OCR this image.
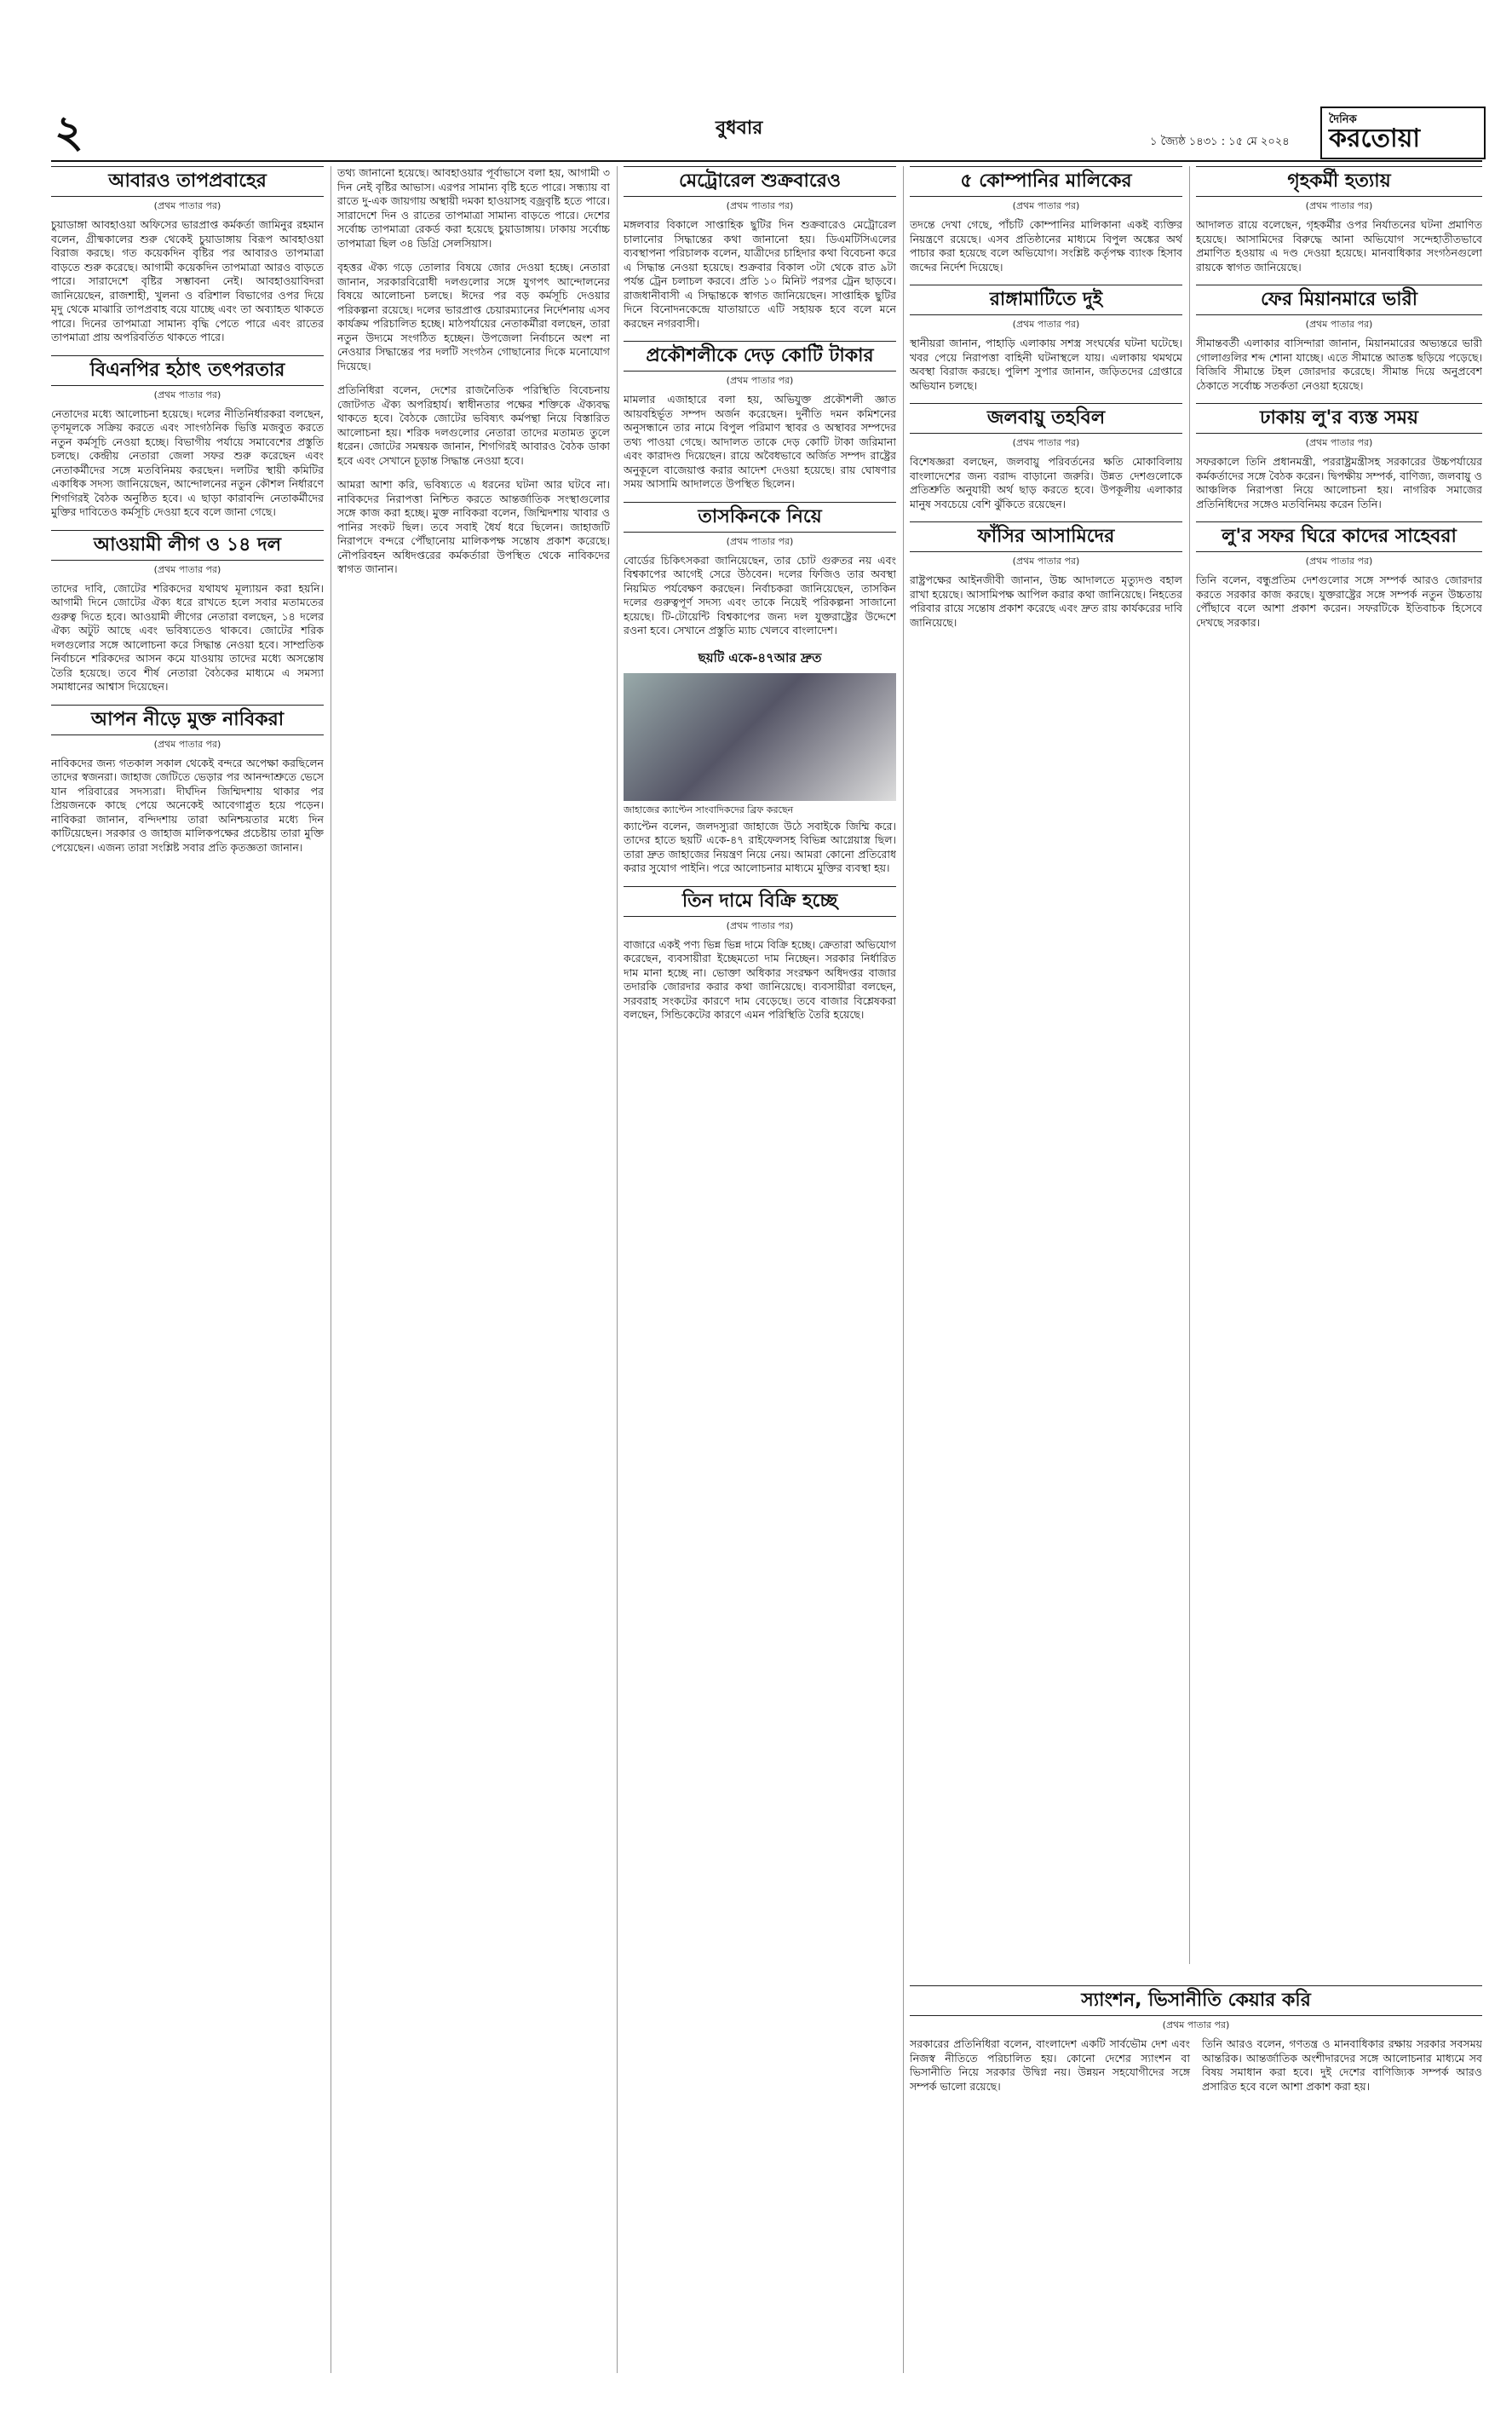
২	বুধবার
১ জ্যৈষ্ঠ ১৪৩১ : ১৫ মে ২০২৪
দৈনিক
করতোয়া
আবারও তাপপ্রবাহের
(প্রথম পাতার পর)

চুয়াডাঙ্গা আবহাওয়া অফিসের ভারপ্রাপ্ত কর্মকর্তা জামিনুর রহমান বলেন, গ্রীষ্মকালের শুরু থেকেই চুয়াডাঙ্গায় বিরূপ আবহাওয়া বিরাজ করছে। গত কয়েকদিন বৃষ্টির পর আবারও তাপমাত্রা বাড়তে শুরু করেছে। আগামী কয়েকদিন তাপমাত্রা আরও বাড়তে পারে। সারাদেশে বৃষ্টির সম্ভাবনা নেই। আবহাওয়াবিদরা জানিয়েছেন, রাজশাহী, খুলনা ও বরিশাল বিভাগের ওপর দিয়ে মৃদু থেকে মাঝারি তাপপ্রবাহ বয়ে যাচ্ছে এবং তা অব্যাহত থাকতে পারে। দিনের তাপমাত্রা সামান্য বৃদ্ধি পেতে পারে এবং রাতের তাপমাত্রা প্রায় অপরিবর্তিত থাকতে পারে।

বিএনপির হঠাৎ তৎপরতার
(প্রথম পাতার পর)

নেতাদের মধ্যে আলোচনা হয়েছে। দলের নীতিনির্ধারকরা বলছেন, তৃণমূলকে সক্রিয় করতে এবং সাংগঠনিক ভিত্তি মজবুত করতে নতুন কর্মসূচি নেওয়া হচ্ছে। বিভাগীয় পর্যায়ে সমাবেশের প্রস্তুতি চলছে। কেন্দ্রীয় নেতারা জেলা সফর শুরু করেছেন এবং নেতাকর্মীদের সঙ্গে মতবিনিময় করছেন। দলটির স্থায়ী কমিটির একাধিক সদস্য জানিয়েছেন, আন্দোলনের নতুন কৌশল নির্ধারণে শিগগিরই বৈঠক অনুষ্ঠিত হবে। এ ছাড়া কারাবন্দি নেতাকর্মীদের মুক্তির দাবিতেও কর্মসূচি দেওয়া হবে বলে জানা গেছে।

আওয়ামী লীগ ও ১৪ দল
(প্রথম পাতার পর)

তাদের দাবি, জোটের শরিকদের যথাযথ মূল্যায়ন করা হয়নি। আগামী দিনে জোটের ঐক্য ধরে রাখতে হলে সবার মতামতের গুরুত্ব দিতে হবে। আওয়ামী লীগের নেতারা বলছেন, ১৪ দলের ঐক্য অটুট আছে এবং ভবিষ্যতেও থাকবে। জোটের শরিক দলগুলোর সঙ্গে আলোচনা করে সিদ্ধান্ত নেওয়া হবে। সাম্প্রতিক নির্বাচনে শরিকদের আসন কমে যাওয়ায় তাদের মধ্যে অসন্তোষ তৈরি হয়েছে। তবে শীর্ষ নেতারা বৈঠকের মাধ্যমে এ সমস্যা সমাধানের আশ্বাস দিয়েছেন।

আপন নীড়ে মুক্ত নাবিকরা
(প্রথম পাতার পর)

নাবিকদের জন্য গতকাল সকাল থেকেই বন্দরে অপেক্ষা করছিলেন তাদের স্বজনরা। জাহাজ জেটিতে ভেড়ার পর আনন্দাশ্রুতে ভেসে যান পরিবারের সদস্যরা। দীর্ঘদিন জিম্মিদশায় থাকার পর প্রিয়জনকে কাছে পেয়ে অনেকেই আবেগাপ্লুত হয়ে পড়েন। নাবিকরা জানান, বন্দিদশায় তারা অনিশ্চয়তার মধ্যে দিন কাটিয়েছেন। সরকার ও জাহাজ মালিকপক্ষের প্রচেষ্টায় তারা মুক্তি পেয়েছেন। এজন্য তারা সংশ্লিষ্ট সবার প্রতি কৃতজ্ঞতা জানান।

তথ্য জানানো হয়েছে। আবহাওয়ার পূর্বাভাসে বলা হয়, আগামী ৩ দিন নেই বৃষ্টির আভাস। এরপর সামান্য বৃষ্টি হতে পারে। সন্ধ্যায় বা রাতে দু-এক জায়গায় অস্থায়ী দমকা হাওয়াসহ বজ্রবৃষ্টি হতে পারে। সারাদেশে দিন ও রাতের তাপমাত্রা সামান্য বাড়তে পারে। দেশের সর্বোচ্চ তাপমাত্রা রেকর্ড করা হয়েছে চুয়াডাঙ্গায়। ঢাকায় সর্বোচ্চ তাপমাত্রা ছিল ৩৪ ডিগ্রি সেলসিয়াস।

বৃহত্তর ঐক্য গড়ে তোলার বিষয়ে জোর দেওয়া হচ্ছে। নেতারা জানান, সরকারবিরোধী দলগুলোর সঙ্গে যুগপৎ আন্দোলনের বিষয়ে আলোচনা চলছে। ঈদের পর বড় কর্মসূচি দেওয়ার পরিকল্পনা রয়েছে। দলের ভারপ্রাপ্ত চেয়ারম্যানের নির্দেশনায় এসব কার্যক্রম পরিচালিত হচ্ছে। মাঠপর্যায়ের নেতাকর্মীরা বলছেন, তারা নতুন উদ্যমে সংগঠিত হচ্ছেন। উপজেলা নির্বাচনে অংশ না নেওয়ার সিদ্ধান্তের পর দলটি সংগঠন গোছানোর দিকে মনোযোগ দিয়েছে।

প্রতিনিধিরা বলেন, দেশের রাজনৈতিক পরিস্থিতি বিবেচনায় জোটগত ঐক্য অপরিহার্য। স্বাধীনতার পক্ষের শক্তিকে ঐক্যবদ্ধ থাকতে হবে। বৈঠকে জোটের ভবিষ্যৎ কর্মপন্থা নিয়ে বিস্তারিত আলোচনা হয়। শরিক দলগুলোর নেতারা তাদের মতামত তুলে ধরেন। জোটের সমন্বয়ক জানান, শিগগিরই আবারও বৈঠক ডাকা হবে এবং সেখানে চূড়ান্ত সিদ্ধান্ত নেওয়া হবে।

আমরা আশা করি, ভবিষ্যতে এ ধরনের ঘটনা আর ঘটবে না। নাবিকদের নিরাপত্তা নিশ্চিত করতে আন্তর্জাতিক সংস্থাগুলোর সঙ্গে কাজ করা হচ্ছে। মুক্ত নাবিকরা বলেন, জিম্মিদশায় খাবার ও পানির সংকট ছিল। তবে সবাই ধৈর্য ধরে ছিলেন। জাহাজটি নিরাপদে বন্দরে পৌঁছানোয় মালিকপক্ষ সন্তোষ প্রকাশ করেছে। নৌপরিবহন অধিদপ্তরের কর্মকর্তারা উপস্থিত থেকে নাবিকদের স্বাগত জানান।

মেট্রোরেল শুক্রবারেও
(প্রথম পাতার পর)

মঙ্গলবার বিকালে সাপ্তাহিক ছুটির দিন শুক্রবারেও মেট্রোরেল চালানোর সিদ্ধান্তের কথা জানানো হয়। ডিএমটিসিএলের ব্যবস্থাপনা পরিচালক বলেন, যাত্রীদের চাহিদার কথা বিবেচনা করে এ সিদ্ধান্ত নেওয়া হয়েছে। শুক্রবার বিকাল ৩টা থেকে রাত ৯টা পর্যন্ত ট্রেন চলাচল করবে। প্রতি ১০ মিনিট পরপর ট্রেন ছাড়বে। রাজধানীবাসী এ সিদ্ধান্তকে স্বাগত জানিয়েছেন। সাপ্তাহিক ছুটির দিনে বিনোদনকেন্দ্রে যাতায়াতে এটি সহায়ক হবে বলে মনে করছেন নগরবাসী।

প্রকৌশলীকে দেড় কোটি টাকার
(প্রথম পাতার পর)

মামলার এজাহারে বলা হয়, অভিযুক্ত প্রকৌশলী জ্ঞাত আয়বহির্ভূত সম্পদ অর্জন করেছেন। দুর্নীতি দমন কমিশনের অনুসন্ধানে তার নামে বিপুল পরিমাণ স্থাবর ও অস্থাবর সম্পদের তথ্য পাওয়া গেছে। আদালত তাকে দেড় কোটি টাকা জরিমানা এবং কারাদণ্ড দিয়েছেন। রায়ে অবৈধভাবে অর্জিত সম্পদ রাষ্ট্রের অনুকূলে বাজেয়াপ্ত করার আদেশ দেওয়া হয়েছে। রায় ঘোষণার সময় আসামি আদালতে উপস্থিত ছিলেন।

তাসকিনকে নিয়ে
(প্রথম পাতার পর)

বোর্ডের চিকিৎসকরা জানিয়েছেন, তার চোট গুরুতর নয় এবং বিশ্বকাপের আগেই সেরে উঠবেন। দলের ফিজিও তার অবস্থা নিয়মিত পর্যবেক্ষণ করছেন। নির্বাচকরা জানিয়েছেন, তাসকিন দলের গুরুত্বপূর্ণ সদস্য এবং তাকে নিয়েই পরিকল্পনা সাজানো হয়েছে। টি-টোয়েন্টি বিশ্বকাপের জন্য দল যুক্তরাষ্ট্রের উদ্দেশে রওনা হবে। সেখানে প্রস্তুতি ম্যাচ খেলবে বাংলাদেশ।

ছয়টি একে-৪৭আর দ্রুত

জাহাজের ক্যাপ্টেন সাংবাদিকদের ব্রিফ করছেন

ক্যাপ্টেন বলেন, জলদস্যুরা জাহাজে উঠে সবাইকে জিম্মি করে। তাদের হাতে ছয়টি একে-৪৭ রাইফেলসহ বিভিন্ন আগ্নেয়াস্ত্র ছিল। তারা দ্রুত জাহাজের নিয়ন্ত্রণ নিয়ে নেয়। আমরা কোনো প্রতিরোধ করার সুযোগ পাইনি। পরে আলোচনার মাধ্যমে মুক্তির ব্যবস্থা হয়।

তিন দামে বিক্রি হচ্ছে
(প্রথম পাতার পর)

বাজারে একই পণ্য ভিন্ন ভিন্ন দামে বিক্রি হচ্ছে। ক্রেতারা অভিযোগ করেছেন, ব্যবসায়ীরা ইচ্ছেমতো দাম নিচ্ছেন। সরকার নির্ধারিত দাম মানা হচ্ছে না। ভোক্তা অধিকার সংরক্ষণ অধিদপ্তর বাজার তদারকি জোরদার করার কথা জানিয়েছে। ব্যবসায়ীরা বলছেন, সরবরাহ সংকটের কারণে দাম বেড়েছে। তবে বাজার বিশ্লেষকরা বলছেন, সিন্ডিকেটের কারণে এমন পরিস্থিতি তৈরি হয়েছে।

৫ কোম্পানির মালিকের
(প্রথম পাতার পর)

তদন্তে দেখা গেছে, পাঁচটি কোম্পানির মালিকানা একই ব্যক্তির নিয়ন্ত্রণে রয়েছে। এসব প্রতিষ্ঠানের মাধ্যমে বিপুল অঙ্কের অর্থ পাচার করা হয়েছে বলে অভিযোগ। সংশ্লিষ্ট কর্তৃপক্ষ ব্যাংক হিসাব জব্দের নির্দেশ দিয়েছে।

রাঙ্গামাটিতে দুই
(প্রথম পাতার পর)

স্থানীয়রা জানান, পাহাড়ি এলাকায় সশস্ত্র সংঘর্ষের ঘটনা ঘটেছে। খবর পেয়ে নিরাপত্তা বাহিনী ঘটনাস্থলে যায়। এলাকায় থমথমে অবস্থা বিরাজ করছে। পুলিশ সুপার জানান, জড়িতদের গ্রেপ্তারে অভিযান চলছে।

জলবায়ু তহবিল
(প্রথম পাতার পর)

বিশেষজ্ঞরা বলছেন, জলবায়ু পরিবর্তনের ক্ষতি মোকাবিলায় বাংলাদেশের জন্য বরাদ্দ বাড়ানো জরুরি। উন্নত দেশগুলোকে প্রতিশ্রুতি অনুযায়ী অর্থ ছাড় করতে হবে। উপকূলীয় এলাকার মানুষ সবচেয়ে বেশি ঝুঁকিতে রয়েছেন।

ফাঁসির আসামিদের
(প্রথম পাতার পর)

রাষ্ট্রপক্ষের আইনজীবী জানান, উচ্চ আদালতে মৃত্যুদণ্ড বহাল রাখা হয়েছে। আসামিপক্ষ আপিল করার কথা জানিয়েছে। নিহতের পরিবার রায়ে সন্তোষ প্রকাশ করেছে এবং দ্রুত রায় কার্যকরের দাবি জানিয়েছে।

গৃহকর্মী হত্যায়
(প্রথম পাতার পর)

আদালত রায়ে বলেছেন, গৃহকর্মীর ওপর নির্যাতনের ঘটনা প্রমাণিত হয়েছে। আসামিদের বিরুদ্ধে আনা অভিযোগ সন্দেহাতীতভাবে প্রমাণিত হওয়ায় এ দণ্ড দেওয়া হয়েছে। মানবাধিকার সংগঠনগুলো রায়কে স্বাগত জানিয়েছে।

ফের মিয়ানমারে ভারী
(প্রথম পাতার পর)

সীমান্তবর্তী এলাকার বাসিন্দারা জানান, মিয়ানমারের অভ্যন্তরে ভারী গোলাগুলির শব্দ শোনা যাচ্ছে। এতে সীমান্তে আতঙ্ক ছড়িয়ে পড়েছে। বিজিবি সীমান্তে টহল জোরদার করেছে। সীমান্ত দিয়ে অনুপ্রবেশ ঠেকাতে সর্বোচ্চ সতর্কতা নেওয়া হয়েছে।

ঢাকায় লু'র ব্যস্ত সময়
(প্রথম পাতার পর)

সফরকালে তিনি প্রধানমন্ত্রী, পররাষ্ট্রমন্ত্রীসহ সরকারের উচ্চপর্যায়ের কর্মকর্তাদের সঙ্গে বৈঠক করেন। দ্বিপক্ষীয় সম্পর্ক, বাণিজ্য, জলবায়ু ও আঞ্চলিক নিরাপত্তা নিয়ে আলোচনা হয়। নাগরিক সমাজের প্রতিনিধিদের সঙ্গেও মতবিনিময় করেন তিনি।

লু'র সফর ঘিরে কাদের সাহেবরা
(প্রথম পাতার পর)

তিনি বলেন, বন্ধুপ্রতিম দেশগুলোর সঙ্গে সম্পর্ক আরও জোরদার করতে সরকার কাজ করছে। যুক্তরাষ্ট্রের সঙ্গে সম্পর্ক নতুন উচ্চতায় পৌঁছাবে বলে আশা প্রকাশ করেন। সফরটিকে ইতিবাচক হিসেবে দেখছে সরকার।

স্যাংশন, ভিসানীতি কেয়ার করি
(প্রথম পাতার পর)

সরকারের প্রতিনিধিরা বলেন, বাংলাদেশ একটি সার্বভৌম দেশ এবং নিজস্ব নীতিতে পরিচালিত হয়। কোনো দেশের স্যাংশন বা ভিসানীতি নিয়ে সরকার উদ্বিগ্ন নয়। উন্নয়ন সহযোগীদের সঙ্গে সম্পর্ক ভালো রয়েছে।

তিনি আরও বলেন, গণতন্ত্র ও মানবাধিকার রক্ষায় সরকার সবসময় আন্তরিক। আন্তর্জাতিক অংশীদারদের সঙ্গে আলোচনার মাধ্যমে সব বিষয় সমাধান করা হবে। দুই দেশের বাণিজ্যিক সম্পর্ক আরও প্রসারিত হবে বলে আশা প্রকাশ করা হয়।
